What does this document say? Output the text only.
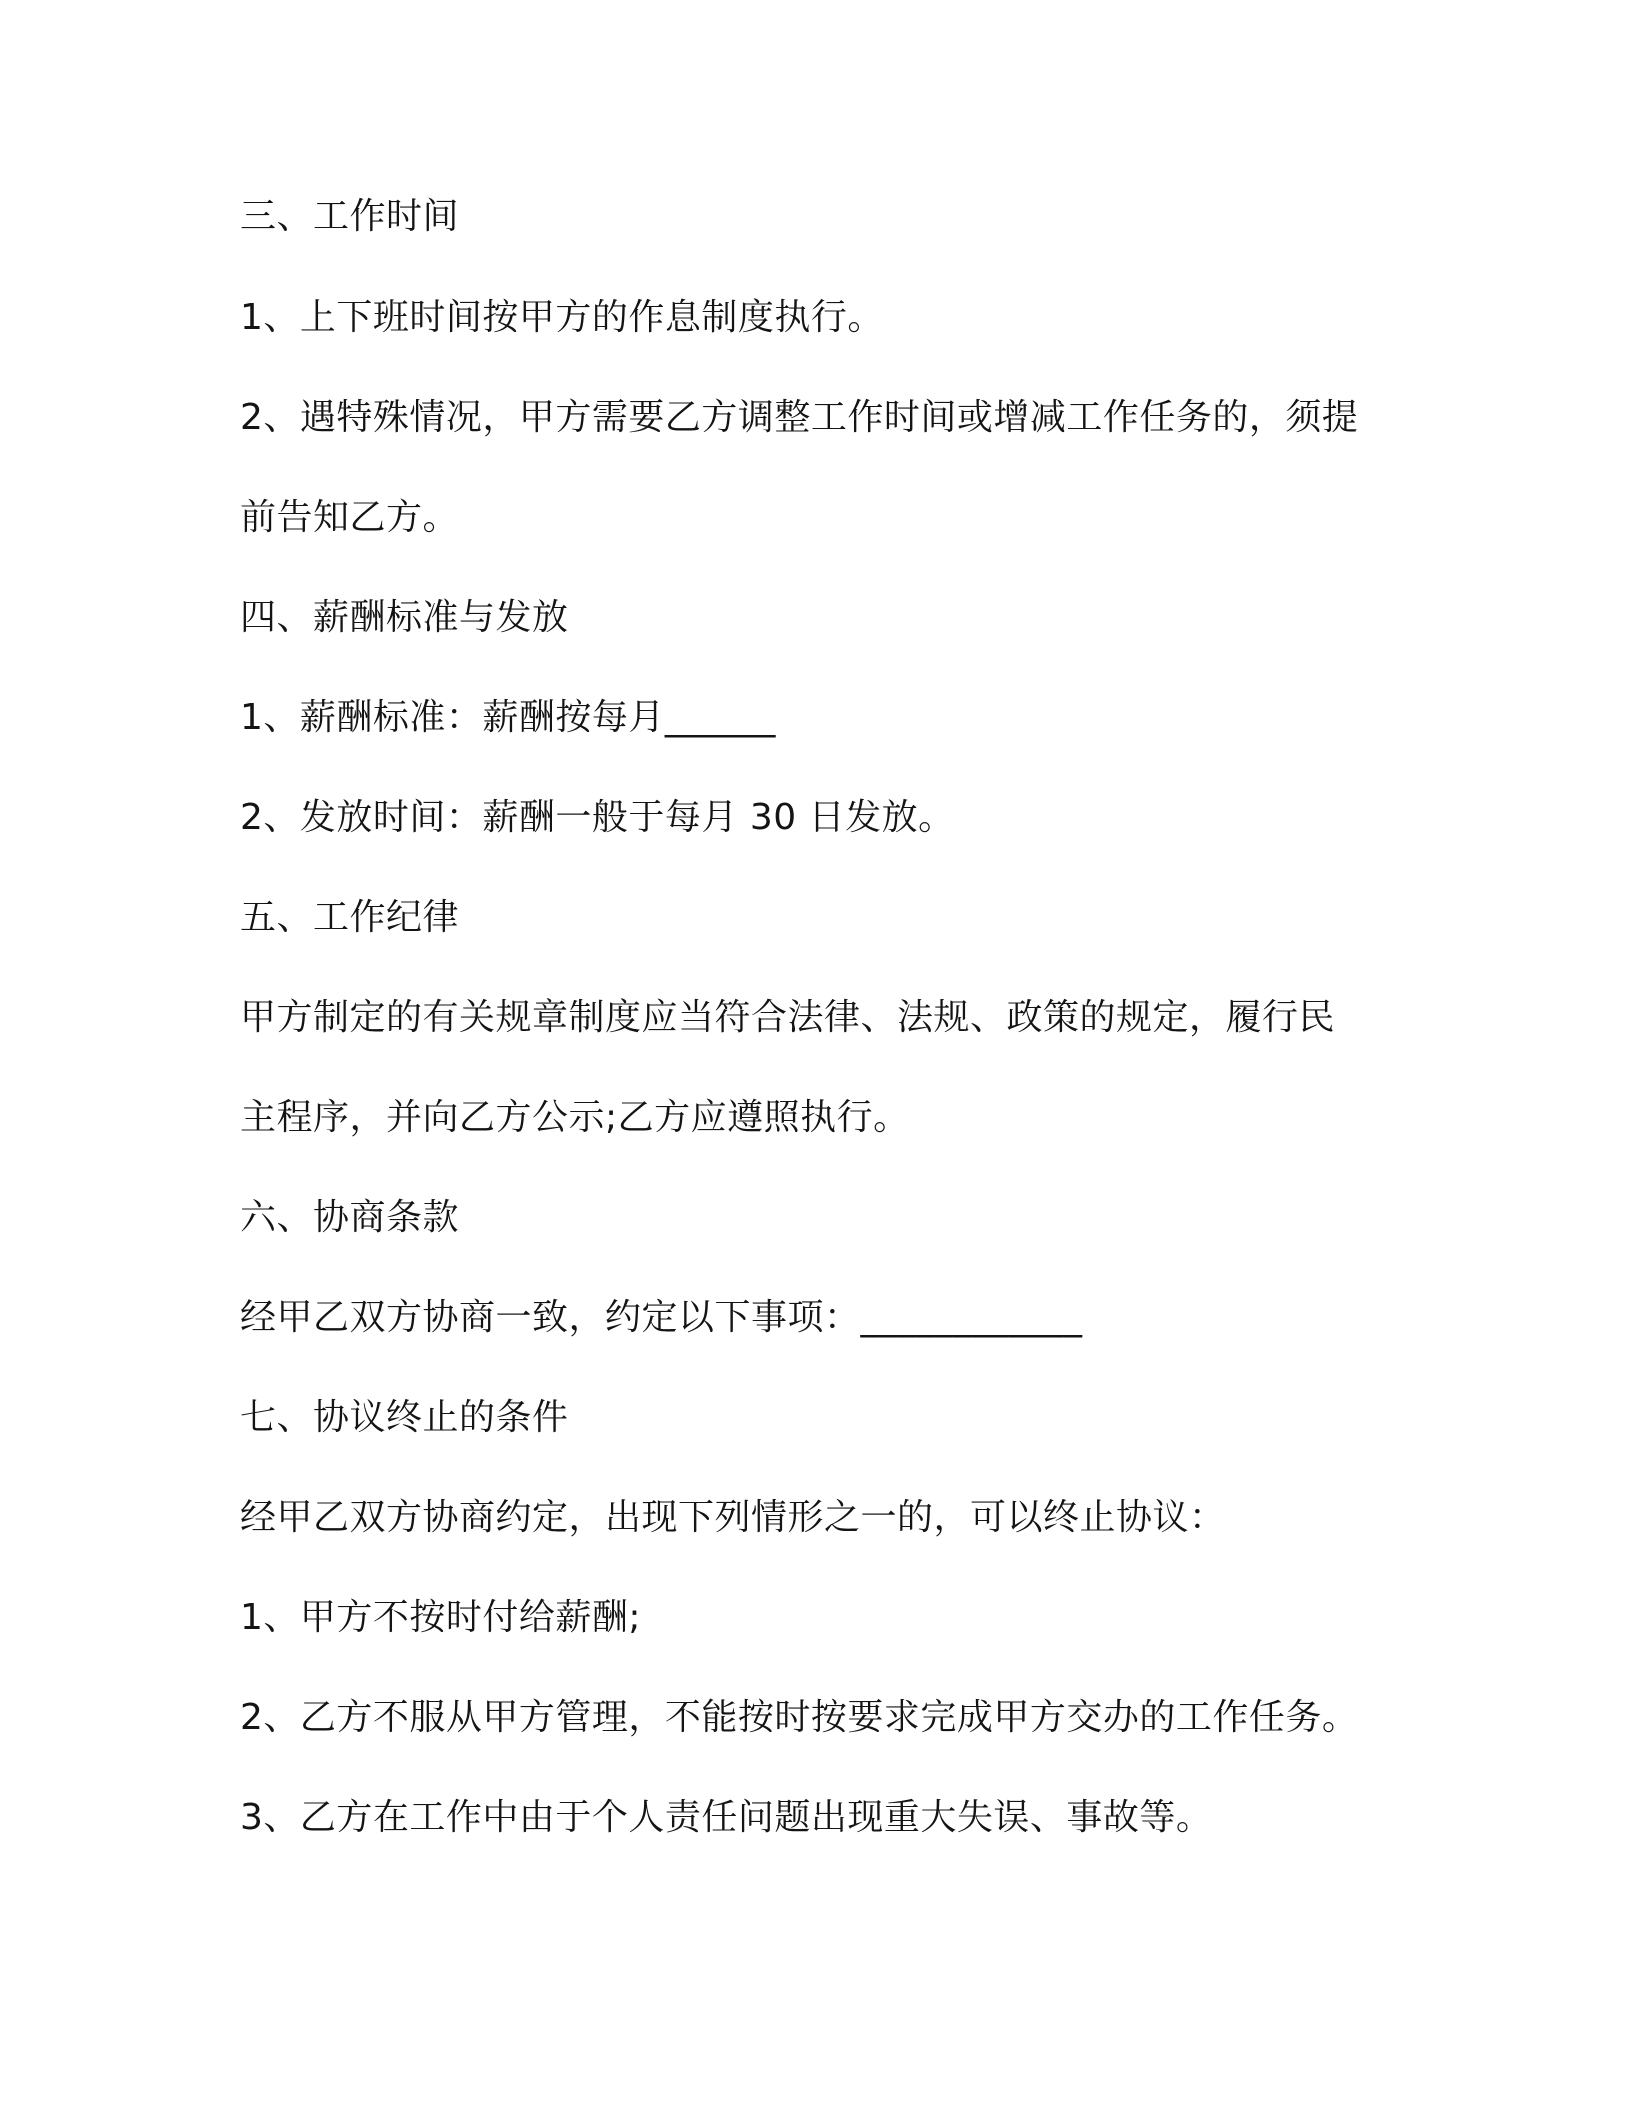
三、工作时间

1、上下班时间按甲方的作息制度执行。

2、遇特殊情况，甲方需要乙方调整工作时间或增减工作任务的，须提

前告知乙方。

四、薪酬标准与发放

1、薪酬标准：薪酬按每月______

2、发放时间：薪酬一般于每月 30 日发放。

五、工作纪律

甲方制定的有关规章制度应当符合法律、法规、政策的规定，履行民

主程序，并向乙方公示;乙方应遵照执行。

六、协商条款

经甲乙双方协商一致，约定以下事项：____________

七、协议终止的条件

经甲乙双方协商约定，出现下列情形之一的，可以终止协议：

1、甲方不按时付给薪酬;

2、乙方不服从甲方管理，不能按时按要求完成甲方交办的工作任务。

3、乙方在工作中由于个人责任问题出现重大失误、事故等。
